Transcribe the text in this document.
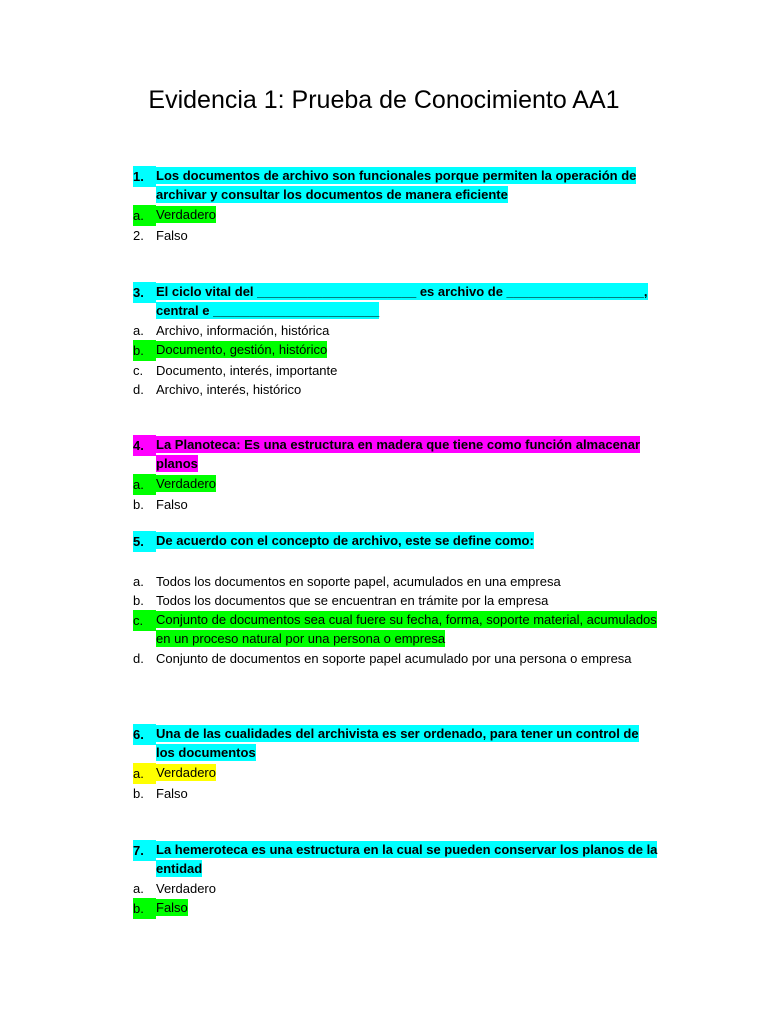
Evidencia 1: Prueba de Conocimiento AA1
1. Los documentos de archivo son funcionales porque permiten la operación de archivar y consultar los documentos de manera eficiente
a. Verdadero
2. Falso
3. El ciclo vital del ______________________ es archivo de ___________________, central e _______________________
a. Archivo, información, histórica
b. Documento, gestión, histórico
c. Documento, interés, importante
d. Archivo, interés, histórico
4. La Planoteca: Es una estructura en madera que tiene como función almacenar planos
a. Verdadero
b. Falso
5. De acuerdo con el concepto de archivo, este se define como:
a. Todos los documentos en soporte papel, acumulados en una empresa
b. Todos los documentos que se encuentran en trámite por la empresa
c. Conjunto de documentos sea cual fuere su fecha, forma, soporte material, acumulados en un proceso natural por una persona o empresa
d. Conjunto de documentos en soporte papel acumulado por una persona o empresa
6. Una de las cualidades del archivista es ser ordenado, para tener un control de los documentos
a. Verdadero
b. Falso
7. La hemeroteca es una estructura en la cual se pueden conservar los planos de la entidad
a. Verdadero
b. Falso
